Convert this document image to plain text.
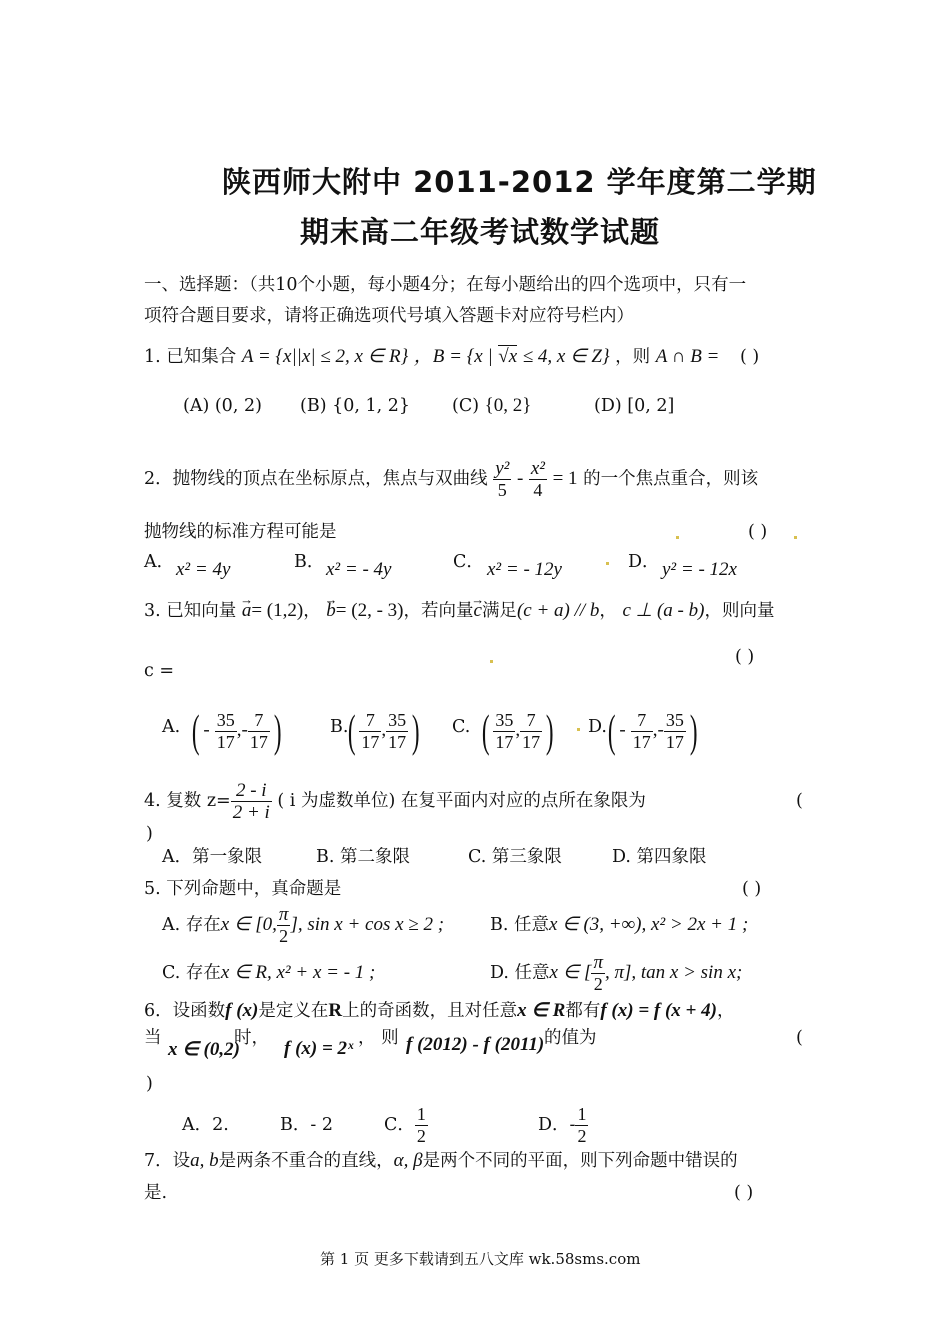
陕西师大附中 2011-2012 学年度第二学期
期末高二年级考试数学试题
一、选择题：（共10个小题，每小题4分；在每小题给出的四个选项中，只有一
项符合题目要求，请将正确选项代号填入答题卡对应符号栏内）
1. 已知集合 A = {x||x| ≤ 2, x ∈ R} ，B = {x | √x ≤ 4, x ∈ Z} ，则 A ∩ B = ( )
(A) (0, 2) (B) {0, 1, 2} (C) {0, 2}	(D) [0, 2]
2．抛物线的顶点在坐标原点，焦点与双曲线 $\frac{\text{y²}}{5} - \frac{\text{x²}}{4} = 1$ 的一个焦点重合，则该
抛物线的标准方程可能是	( )
A． x² = 4y	B． x² = - 4y	C． x² = - 12y	D． y² = - 12x
3. 已知向量 → a= (1,2)， → b= (2, - 3)，若向量→ c满足(c + a) // b， c ⊥ (a - b)，则向量
c =
( )
A. ( - $\frac{35}{17}$ ,- $\frac{7}{17}$ )	B. ( $\frac{7}{17}$ , $\frac{35}{17}$ ) C. ( $\frac{35}{17}$ , $\frac{7}{17}$ ) D. ( - $\frac{7}{17}$ ,- $\frac{35}{17}$ )
4. 复数 $z= \frac{2 - i}{2 + i}$ ( i 为虚数单位) 在复平面内对应的点所在象限为	(
)
A．第一象限	B. 第二象限	C. 第三象限	D. 第四象限
5. 下列命题中，真命题是	( )
A. 存在x ∈ [0, $\frac{\pi}{2}$ ], sin x + cos x ≥ 2 ;	B. 任意x ∈ (3, +∞), x² > 2x + 1 ;
C. 存在x ∈ R, x² + x = - 1 ;	D. 任意x ∈ [ $\frac{\pi}{2}$ , π], tan x > sin x;
6．设函数f (x)是定义在R上的奇函数，且对任意x ∈ R都有f (x) = f (x + 4)，
当
x ∈ (0,2)
时， f (x) = 2ˣ ， 则 f (2012) - f (2011) 的值为	(
)
A．2.	B．- 2	C． $\frac{1}{2}$	D．- $\frac{1}{2}$
7．设a, b是两条不重合的直线，α, β是两个不同的平面，则下列命题中错误的
是.	( )
第 1 页 更多下载请到五八文库 wk.58sms.com
